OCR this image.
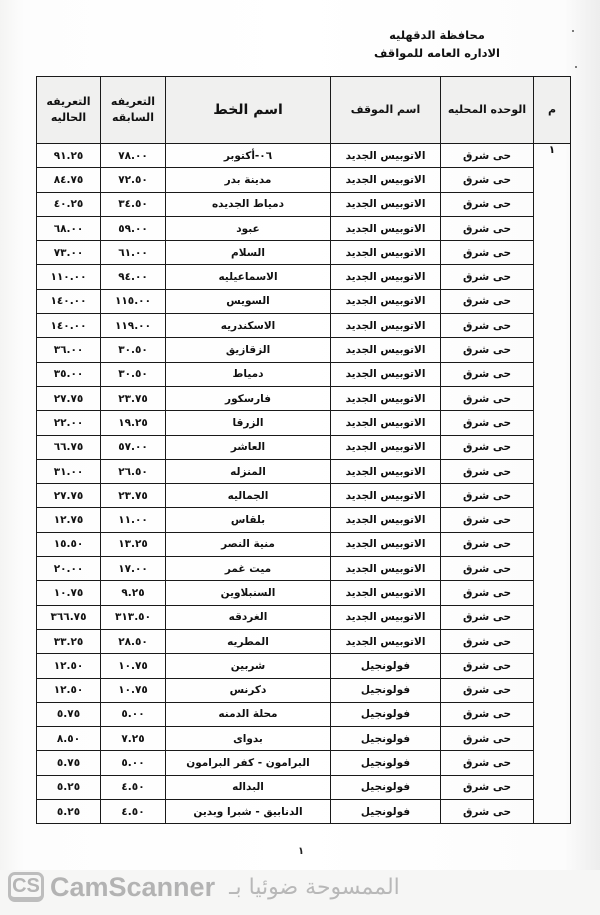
محافظة الدقهليه
الاداره العامه للمواقف
م	الوحده المحليه	اسم الموقف	اسم الخط	التعريفه السابقه	التعريفه الحاليه
١	حى شرق	الاتوبيس الجديد	٠٦-أكتوبر	٧٨.٠٠	٩١.٢٥
	حى شرق	الاتوبيس الجديد	مدينة بدر	٧٢.٥٠	٨٤.٧٥
	حى شرق	الاتوبيس الجديد	دمياط الجديده	٣٤.٥٠	٤٠.٢٥
	حى شرق	الاتوبيس الجديد	عبود	٥٩.٠٠	٦٨.٠٠
	حى شرق	الاتوبيس الجديد	السلام	٦١.٠٠	٧٣.٠٠
	حى شرق	الاتوبيس الجديد	الاسماعيليه	٩٤.٠٠	١١٠.٠٠
	حى شرق	الاتوبيس الجديد	السويس	١١٥.٠٠	١٤٠.٠٠
	حى شرق	الاتوبيس الجديد	الاسكندريه	١١٩.٠٠	١٤٠.٠٠
	حى شرق	الاتوبيس الجديد	الزقازيق	٣٠.٥٠	٣٦.٠٠
	حى شرق	الاتوبيس الجديد	دمياط	٣٠.٥٠	٣٥.٠٠
	حى شرق	الاتوبيس الجديد	فارسكور	٢٣.٧٥	٢٧.٧٥
	حى شرق	الاتوبيس الجديد	الزرقا	١٩.٢٥	٢٢.٠٠
	حى شرق	الاتوبيس الجديد	العاشر	٥٧.٠٠	٦٦.٧٥
	حى شرق	الاتوبيس الجديد	المنزله	٢٦.٥٠	٣١.٠٠
	حى شرق	الاتوبيس الجديد	الجماليه	٢٣.٧٥	٢٧.٧٥
	حى شرق	الاتوبيس الجديد	بلقاس	١١.٠٠	١٢.٧٥
	حى شرق	الاتوبيس الجديد	منية النصر	١٣.٢٥	١٥.٥٠
	حى شرق	الاتوبيس الجديد	ميت غمر	١٧.٠٠	٢٠.٠٠
	حى شرق	الاتوبيس الجديد	السنبلاوين	٩.٢٥	١٠.٧٥
	حى شرق	الاتوبيس الجديد	الغردقه	٣١٣.٥٠	٣٦٦.٧٥
	حى شرق	الاتوبيس الجديد	المطريه	٢٨.٥٠	٣٣.٢٥
	حى شرق	فولونجيل	شربين	١٠.٧٥	١٢.٥٠
	حى شرق	فولونجيل	دكرنس	١٠.٧٥	١٢.٥٠
	حى شرق	فولونجيل	محلة الدمنه	٥.٠٠	٥.٧٥
	حى شرق	فولونجيل	بدواى	٧.٢٥	٨.٥٠
	حى شرق	فولونجيل	البرامون - كفر البرامون	٥.٠٠	٥.٧٥
	حى شرق	فولونجيل	البداله	٤.٥٠	٥.٢٥
	حى شرق	فولونجيل	الدنابيق - شبرا وبدين	٤.٥٠	٥.٢٥
١
CS CamScanner الممسوحة ضوئيا بـ
